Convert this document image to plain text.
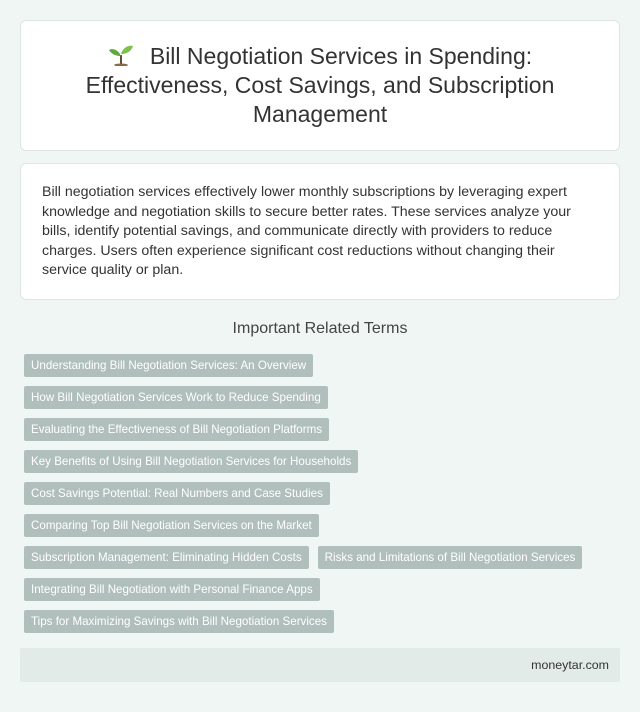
Bill Negotiation Services in Spending: Effectiveness, Cost Savings, and Subscription Management

Bill negotiation services effectively lower monthly subscriptions by leveraging expert knowledge and negotiation skills to secure better rates. These services analyze your bills, identify potential savings, and communicate directly with providers to reduce charges. Users often experience significant cost reductions without changing their service quality or plan.

Important Related Terms
Understanding Bill Negotiation Services: An Overview
How Bill Negotiation Services Work to Reduce Spending
Evaluating the Effectiveness of Bill Negotiation Platforms
Key Benefits of Using Bill Negotiation Services for Households
Cost Savings Potential: Real Numbers and Case Studies
Comparing Top Bill Negotiation Services on the Market
Subscription Management: Eliminating Hidden Costs	Risks and Limitations of Bill Negotiation Services
Integrating Bill Negotiation with Personal Finance Apps
Tips for Maximizing Savings with Bill Negotiation Services
moneytar.com
